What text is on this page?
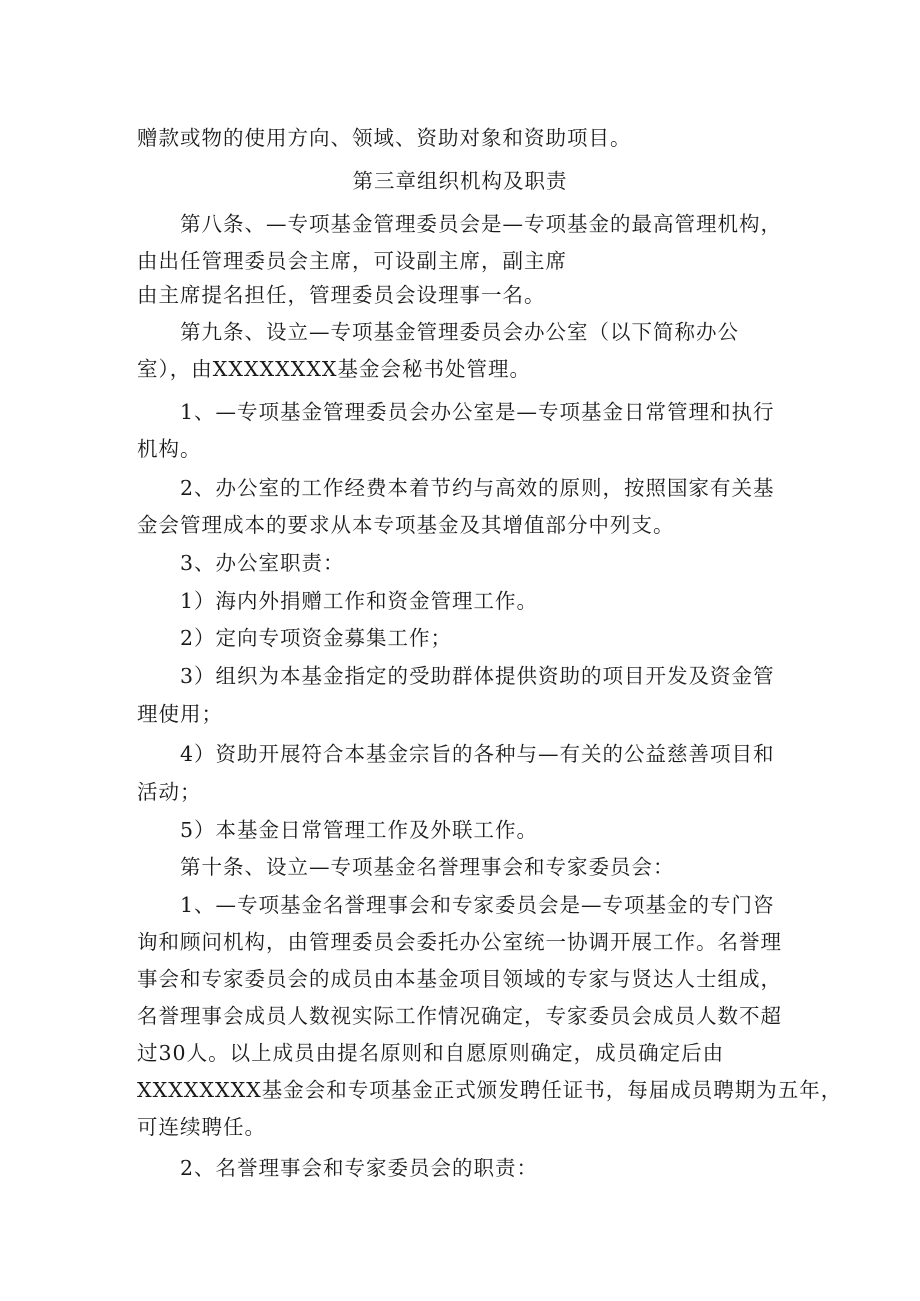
赠款或物的使用方向、领域、资助对象和资助项目。
第三章组织机构及职责
第八条、—专项基金管理委员会是—专项基金的最高管理机构，
由出任管理委员会主席，可设副主席，副主席
由主席提名担任，管理委员会设理事一名。
第九条、设立—专项基金管理委员会办公室（以下简称办公
室），由XXXXXXXX基金会秘书处管理。
1、—专项基金管理委员会办公室是—专项基金日常管理和执行
机构。
2、办公室的工作经费本着节约与高效的原则，按照国家有关基
金会管理成本的要求从本专项基金及其增值部分中列支。
3、办公室职责：
1）海内外捐赠工作和资金管理工作。
2）定向专项资金募集工作；
3）组织为本基金指定的受助群体提供资助的项目开发及资金管
理使用；
4）资助开展符合本基金宗旨的各种与—有关的公益慈善项目和
活动；
5）本基金日常管理工作及外联工作。
第十条、设立—专项基金名誉理事会和专家委员会：
1、—专项基金名誉理事会和专家委员会是—专项基金的专门咨
询和顾问机构，由管理委员会委托办公室统一协调开展工作。名誉理
事会和专家委员会的成员由本基金项目领域的专家与贤达人士组成，
名誉理事会成员人数视实际工作情况确定，专家委员会成员人数不超
过30人。以上成员由提名原则和自愿原则确定，成员确定后由
XXXXXXXX基金会和专项基金正式颁发聘任证书，每届成员聘期为五年，
可连续聘任。
2、名誉理事会和专家委员会的职责：
